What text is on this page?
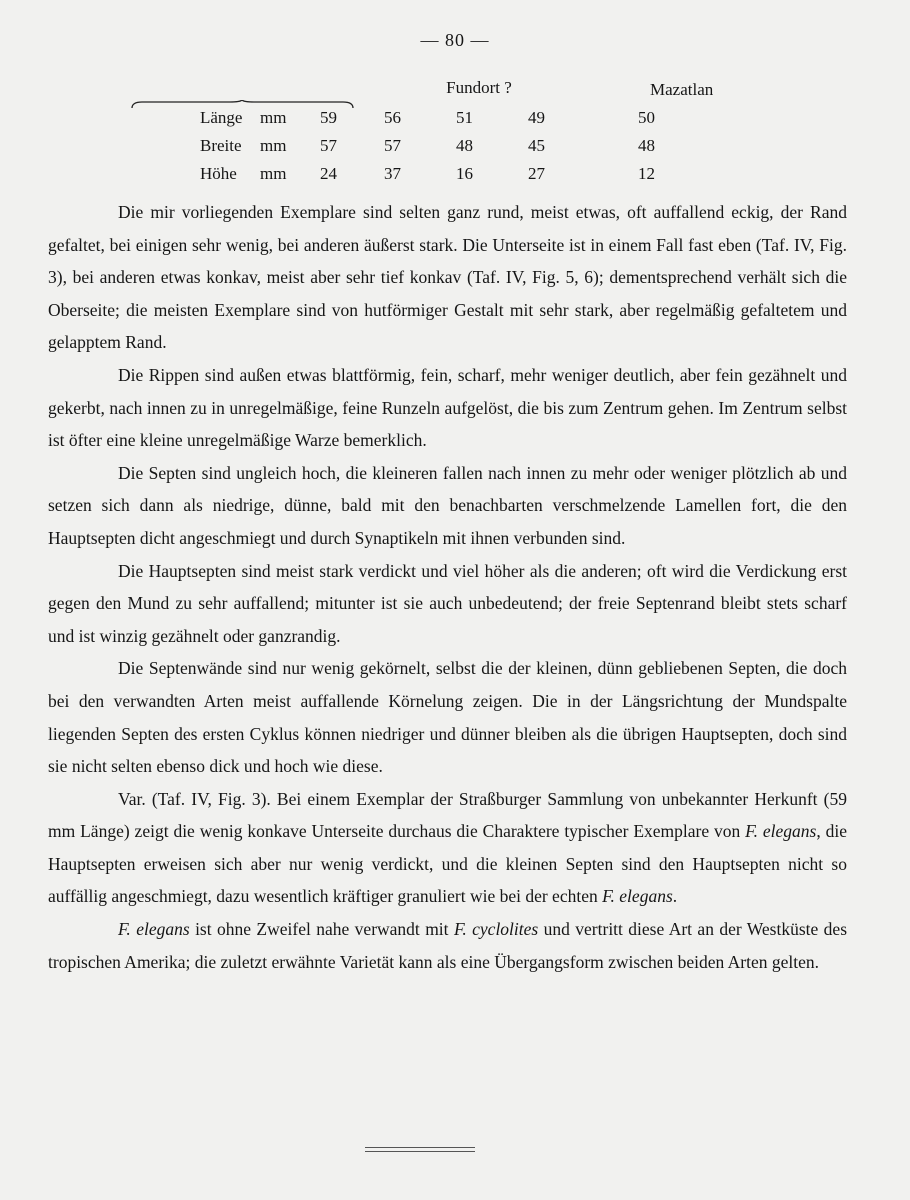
— 80 —
		Fundort ?				Mazatlan
Länge	mm	59	56	51	49	50
Breite	mm	57	57	48	45	48
Höhe	mm	24	37	16	27	12

Die mir vorliegenden Exemplare sind selten ganz rund, meist etwas, oft auffallend eckig, der Rand gefaltet, bei einigen sehr wenig, bei anderen äußerst stark. Die Unterseite ist in einem Fall fast eben (Taf. IV, Fig. 3), bei anderen etwas konkav, meist aber sehr tief konkav (Taf. IV, Fig. 5, 6); dementsprechend verhält sich die Oberseite; die meisten Exemplare sind von hutförmiger Gestalt mit sehr stark, aber regelmäßig gefaltetem und gelapptem Rand.

Die Rippen sind außen etwas blattförmig, fein, scharf, mehr weniger deutlich, aber fein gezähnelt und gekerbt, nach innen zu in unregelmäßige, feine Runzeln aufgelöst, die bis zum Zentrum gehen. Im Zentrum selbst ist öfter eine kleine unregelmäßige Warze bemerklich.

Die Septen sind ungleich hoch, die kleineren fallen nach innen zu mehr oder weniger plötzlich ab und setzen sich dann als niedrige, dünne, bald mit den benachbarten verschmelzende Lamellen fort, die den Hauptsepten dicht angeschmiegt und durch Synaptikeln mit ihnen verbunden sind.

Die Hauptsepten sind meist stark verdickt und viel höher als die anderen; oft wird die Verdickung erst gegen den Mund zu sehr auffallend; mitunter ist sie auch unbedeutend; der freie Septenrand bleibt stets scharf und ist winzig gezähnelt oder ganzrandig.

Die Septenwände sind nur wenig gekörnelt, selbst die der kleinen, dünn gebliebenen Septen, die doch bei den verwandten Arten meist auffallende Körnelung zeigen. Die in der Längsrichtung der Mundspalte liegenden Septen des ersten Cyklus können niedriger und dünner bleiben als die übrigen Hauptsepten, doch sind sie nicht selten ebenso dick und hoch wie diese.

Var. (Taf. IV, Fig. 3). Bei einem Exemplar der Straßburger Sammlung von unbekannter Herkunft (59 mm Länge) zeigt die wenig konkave Unterseite durchaus die Charaktere typischer Exemplare von F. elegans, die Hauptsepten erweisen sich aber nur wenig verdickt, und die kleinen Septen sind den Hauptsepten nicht so auffällig angeschmiegt, dazu wesentlich kräftiger granuliert wie bei der echten F. elegans.

F. elegans ist ohne Zweifel nahe verwandt mit F. cyclolites und vertritt diese Art an der Westküste des tropischen Amerika; die zuletzt erwähnte Varietät kann als eine Übergangsform zwischen beiden Arten gelten.
